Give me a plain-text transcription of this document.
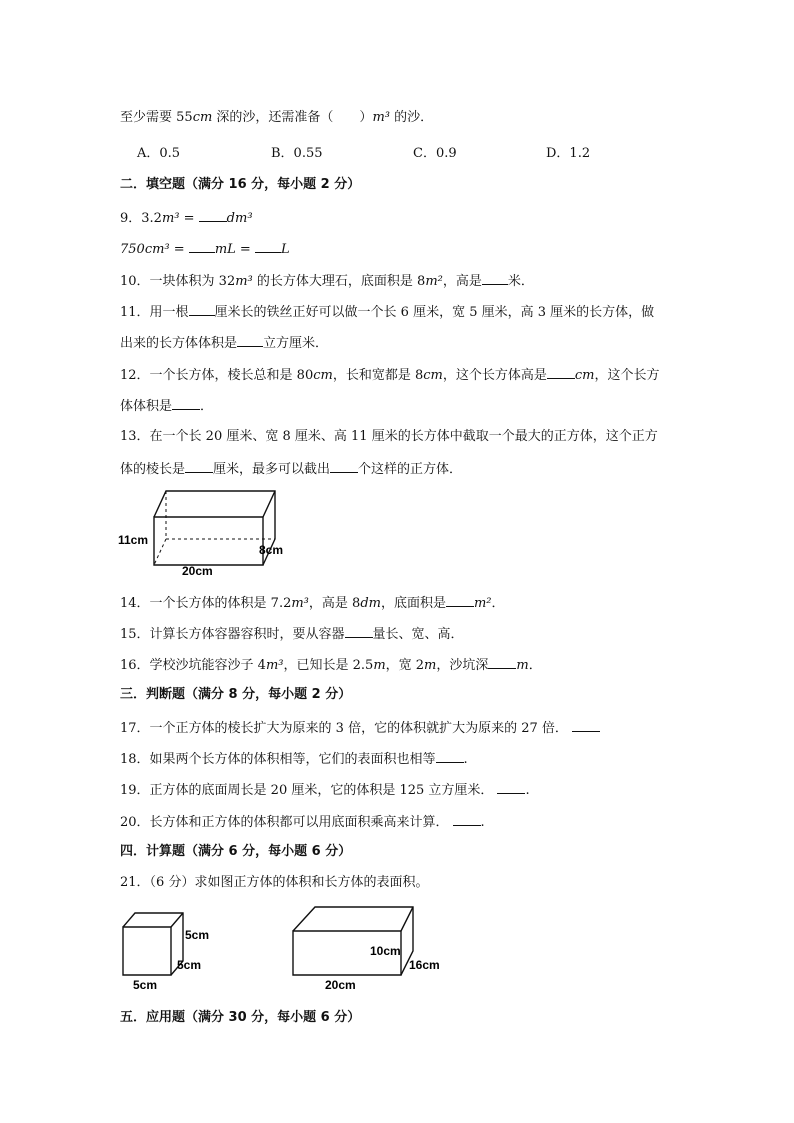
至少需要 55cm 深的沙，还需准备（　　）m³ 的沙．
A．0.5	B．0.55	C．0.9	D．1.2
二．填空题（满分 16 分，每小题 2 分）
9．3.2m³ = dm³
750cm³ = mL = L
10．一块体积为 32m³ 的长方体大理石，底面积是 8m²，高是 米．
11．用一根 厘米长的铁丝正好可以做一个长 6 厘米，宽 5 厘米，高 3 厘米的长方体，做
出来的长方体体积是 立方厘米．
12．一个长方体，棱长总和是 80cm，长和宽都是 8cm，这个长方体高是 cm，这个长方
体体积是 ．
13．在一个长 20 厘米、宽 8 厘米、高 11 厘米的长方体中截取一个最大的正方体，这个正方
体的棱长是 厘米，最多可以截出 个这样的正方体．
11cm
8cm
20cm
14．一个长方体的体积是 7.2m³，高是 8dm，底面积是 m²．
15．计算长方体容器容积时，要从容器 量长、宽、高．
16．学校沙坑能容沙子 4m³，已知长是 2.5m，宽 2m，沙坑深 m．
三．判断题（满分 8 分，每小题 2 分）
17．一个正方体的棱长扩大为原来的 3 倍，它的体积就扩大为原来的 27 倍．
18．如果两个长方体的体积相等，它们的表面积也相等 .
19．正方体的底面周长是 20 厘米，它的体积是 125 立方厘米． .
20．长方体和正方体的体积都可以用底面积乘高来计算． .
四．计算题（满分 6 分，每小题 6 分）
21．（6 分）求如图正方体的体积和长方体的表面积。
5cm
5cm
5cm
10cm
16cm
20cm
五．应用题（满分 30 分，每小题 6 分）
